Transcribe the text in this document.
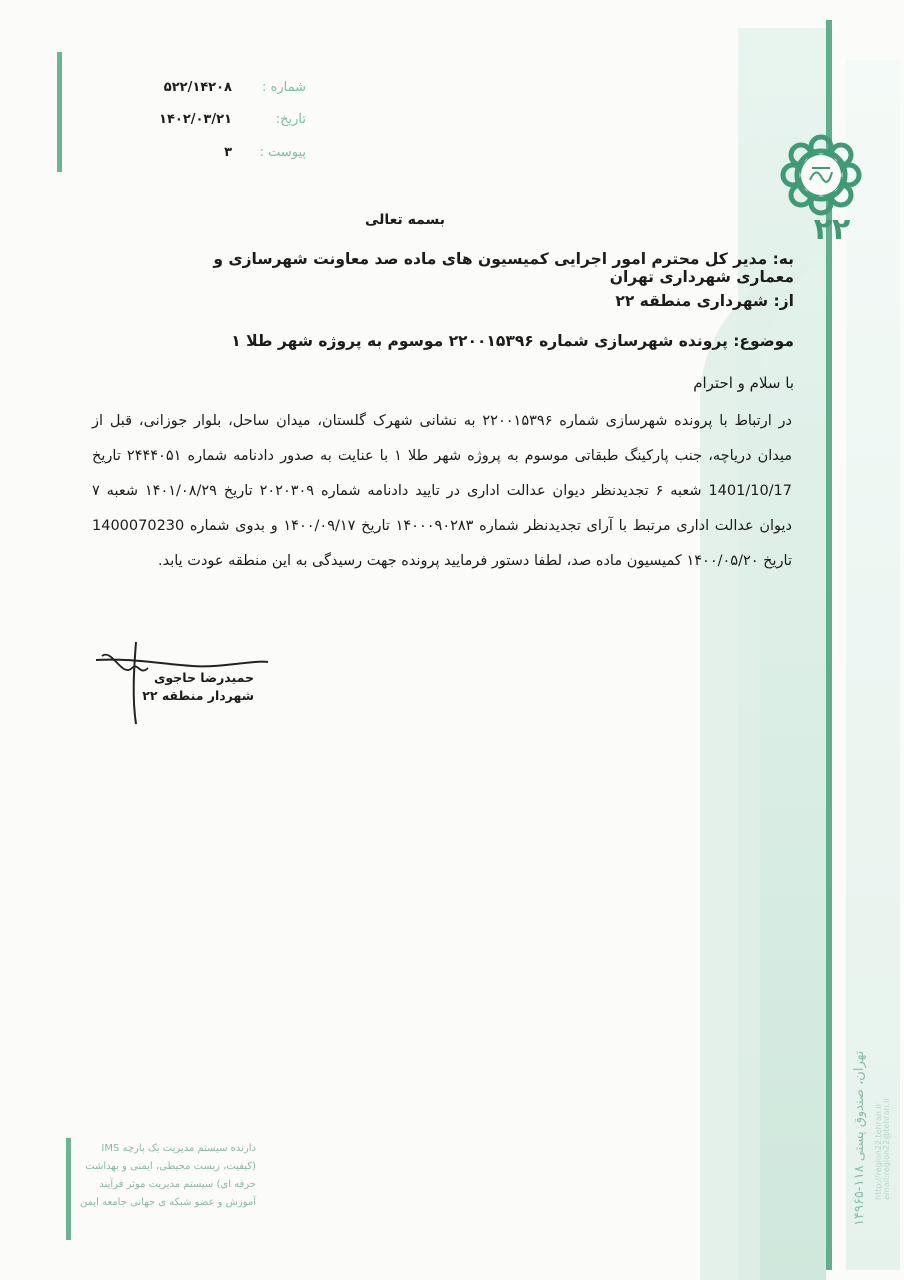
۲۲
شماره :
۵۲۲/۱۴۲۰۸
تاریخ:
۱۴۰۲/۰۳/۲۱
پیوست :
۳
بسمه تعالی
به: مدیر کل محترم امور اجرایی کمیسیون های ماده صد معاونت شهرسازی و معماری شهرداری تهران
از: شهرداری منطقه ۲۲
موضوع: پرونده شهرسازی شماره ۲۲۰۰۱۵۳۹۶ موسوم به پروژه شهر طلا ۱
با سلام و احترام
در ارتباط با پرونده شهرسازی شماره ۲۲۰۰۱۵۳۹۶ به نشانی شهرک گلستان، میدان ساحل، بلوار جوزانی، قبل از میدان دریاچه، جنب پارکینگ طبقاتی موسوم به پروژه شهر طلا ۱ با عنایت به صدور دادنامه شماره ۲۴۴۴۰۵۱ تاریخ 1401/10/17 شعبه ۶ تجدیدنظر دیوان عدالت اداری در تایید دادنامه شماره ۲۰۲۰۳۰۹ تاریخ ۱۴۰۱/۰۸/۲۹ شعبه ۷ دیوان عدالت اداری مرتبط با آرای تجدیدنظر شماره ۱۴۰۰۰۹۰۲۸۳ تاریخ ۱۴۰۰/۰۹/۱۷ و بدوی شماره 1400070230 تاریخ ۱۴۰۰/۰۵/۲۰ کمیسیون ماده صد، لطفا دستور فرمایید پرونده جهت رسیدگی به این منطقه عودت یابد.
حمیدرضا حاجوی
شهردار منطقه ۲۲
دارنده سیستم مدیریت یک پارچه IMS (کیفیت، زیست محیطی، ایمنی و بهداشت حرفه ای) سیستم مدیریت موثر فرآیند آموزش و عضو شبکه ی جهانی جامعه ایمن	تهران، صندوق پستی ۱۱۸-۱۴۹۶۵ http://region22.tehran.ir email:region22@tehran.ir
